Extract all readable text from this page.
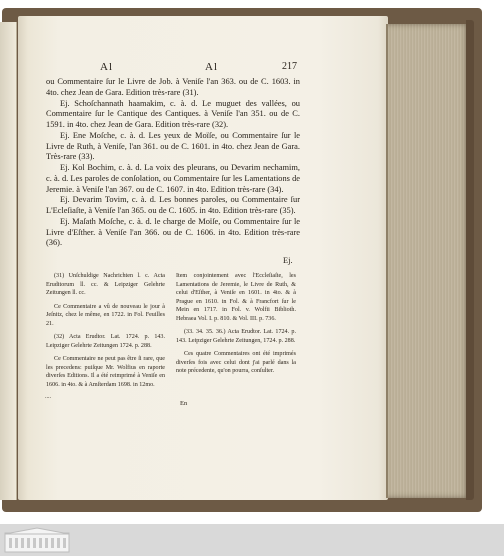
Al	Al	217

ou Commentaire ſur le Livre de Job. à Veniſe l'an 363. ou de C. 1603. in 4to. chez Jean de Gara. Edition très-rare (31).

Ej. Schoſchannath haamakim, c. à. d. Le muguet des vallées, ou Commentaire ſur le Cantique des Cantiques. à Veniſe l'an 351. ou de C. 1591. in 4to. chez Jean de Gara. Edition très-rare (32).

Ej. Ene Moſche, c. à. d. Les yeux de Moïſe, ou Commentaire ſur le Livre de Ruth, à Veniſe, l'an 361. ou de C. 1601. in 4to. chez Jean de Gara. Très-rare (33).

Ej. Kol Bochim, c. à. d. La voix des pleurans, ou Devarim nechamim, c. à. d. Les paroles de conſolation, ou Commentaire ſur les Lamentations de Jeremie. à Veniſe l'an 367. ou de C. 1607. in 4to. Edition très-rare (34).

Ej. Devarim Tovim, c. à. d. Les bonnes paroles, ou Commentaire ſur L'Ecleſiaſte, à Veniſe l'an 365. ou de C. 1605. in 4to. Edition très-rare (35).

Ej. Maſath Moſche, c. à. d. le charge de Moïſe, ou Commentaire ſur le Livre d'Eſther. à Veniſe l'an 366. ou de C. 1606. in 4to. Edition très-rare (36).

Ej.

(31) Unſchuldige Nachrichten l. c. Acta Eruditorum ll. cc. & Leipziger Gelehrte Zeitungen ll. cc.

Ce Commentaire a vû de nouveau le jour à Jeſnitz, chez le même, en 1722. in Fol. Feuilles 21.

(32) Acta Erudtor. Lat. 1724. p. 143. Leipziger Gelehrte Zeitungen 1724. p. 288.

Ce Commentaire ne peut pas être ſi rare, que les precedens: puiſque Mr. Wolfius en raporte diverſes Editions. Il a été reimprimé à Veniſe en 1606. in 4to. & à Amſterdam 1698. in 12mo.

Item conjointement avec l'Eccleſiaſte, les Lamentations de Jeremie, le Livre de Ruth, & celui d'Eſther, à Veniſe en 1601. in 4to. & à Prague en 1610. in Fol. & à Francfort ſur le Mein en 1717. in Fol. v. Wolfii Biblioth. Hebraea Vol. I. p. 810. & Vol. III. p. 736.

(33. 34. 35. 36.) Acta Erudtor. Lat. 1724. p. 143. Leipziger Gelehrte Zeitungen, 1724. p. 288.

Ces quatre Commentaires ont été imprimés diverſes fois avec celui dont j'ai parlé dans la note précedente, qu'on pourra, conſulter.

....
En
